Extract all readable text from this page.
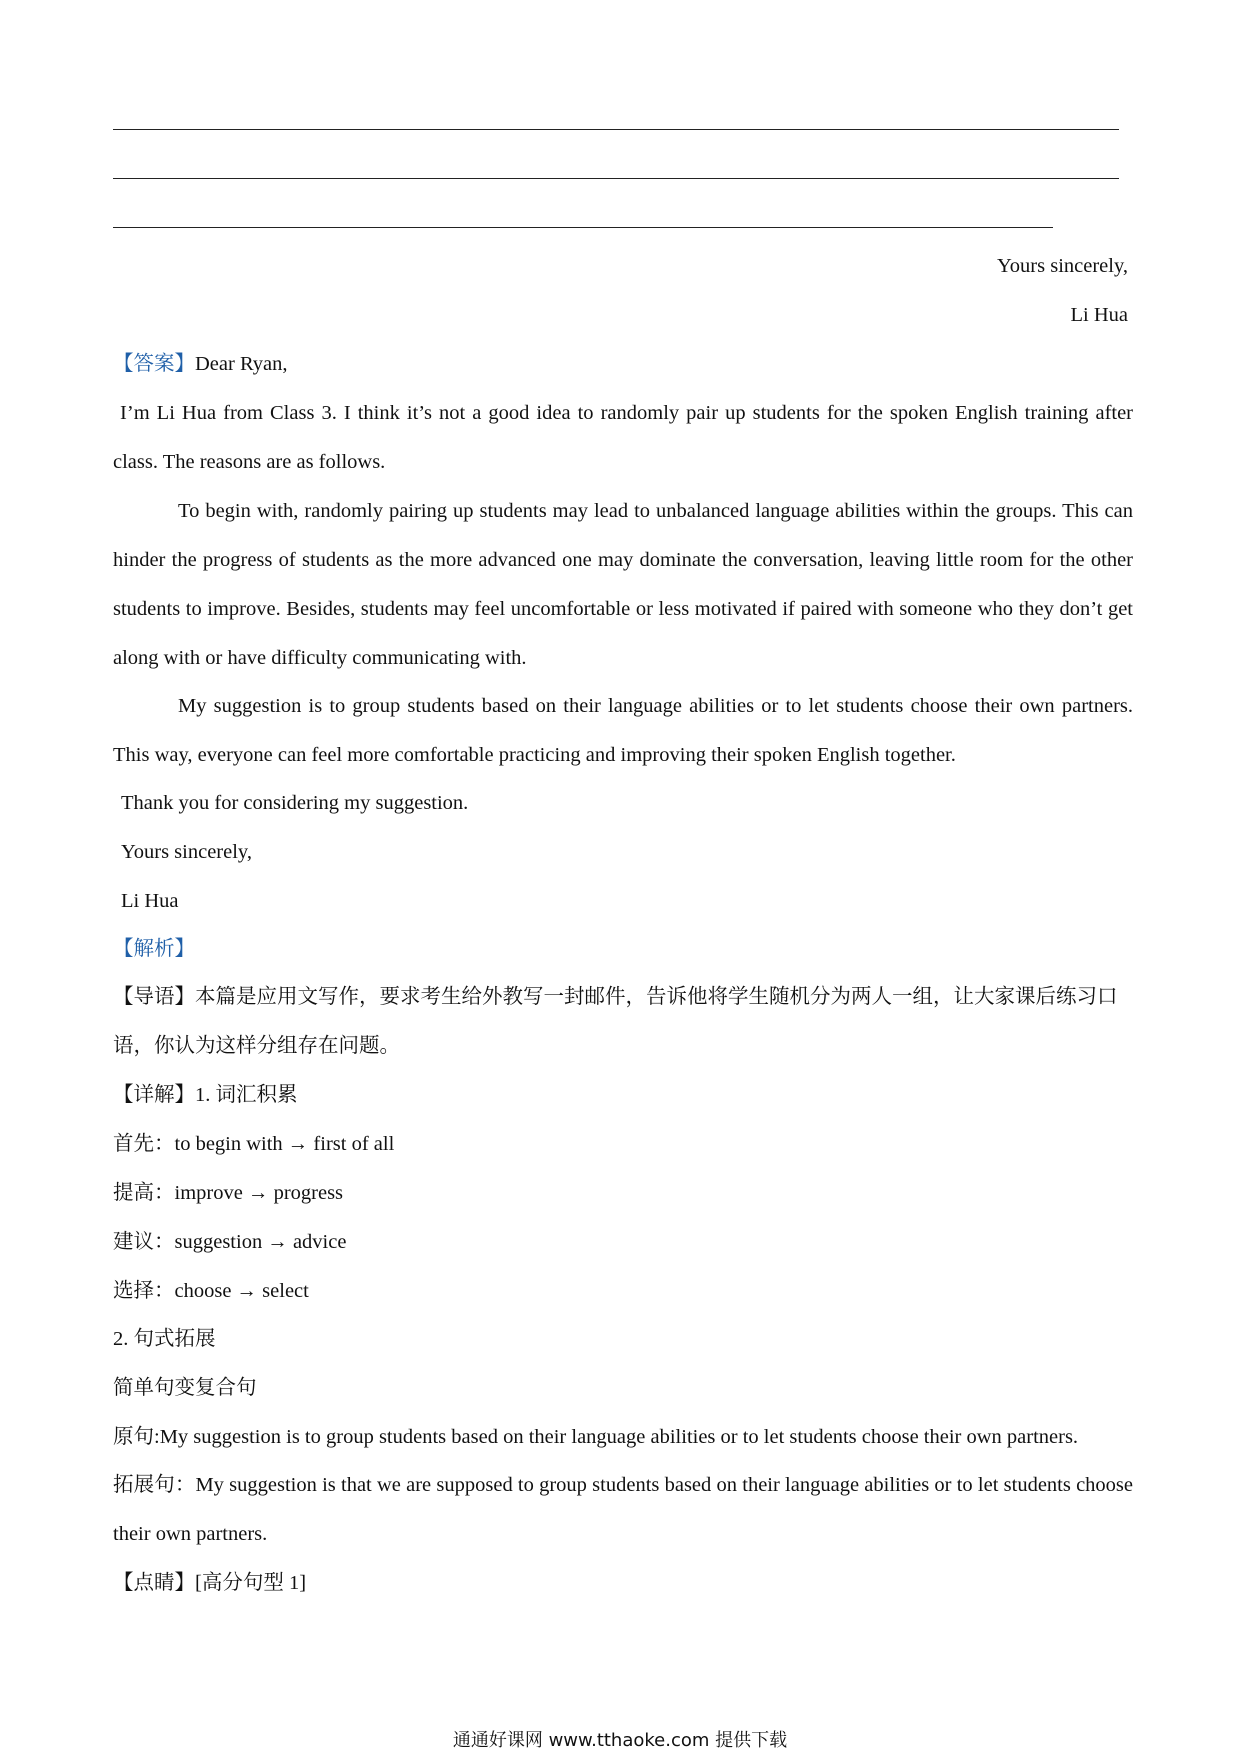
Yours sincerely,
Li Hua
【答案】Dear Ryan,

I’m Li Hua from Class 3. I think it’s not a good idea to randomly pair up students for the spoken English training after class. The reasons are as follows.

To begin with, randomly pairing up students may lead to unbalanced language abilities within the groups. This can hinder the progress of students as the more advanced one may dominate the conversation, leaving little room for the other students to improve. Besides, students may feel uncomfortable or less motivated if paired with someone who they don’t get along with or have difficulty communicating with.

My suggestion is to group students based on their language abilities or to let students choose their own partners. This way, everyone can feel more comfortable practicing and improving their spoken English together.

Thank you for considering my suggestion.
Yours sincerely,
Li Hua
【解析】

【导语】本篇是应用文写作，要求考生给外教写一封邮件，告诉他将学生随机分为两人一组，让大家课后练习口语，你认为这样分组存在问题。

【详解】1. 词汇积累
首先：to begin with → first of all
提高：improve → progress
建议：suggestion → advice
选择：choose → select
2. 句式拓展
简单句变复合句
原句:My suggestion is to group students based on their language abilities or to let students choose their own partners.

拓展句：My suggestion is that we are supposed to group students based on their language abilities or to let students choose their own partners.

【点睛】[高分句型 1]
通通好课网 www.tthaoke.com 提供下载
